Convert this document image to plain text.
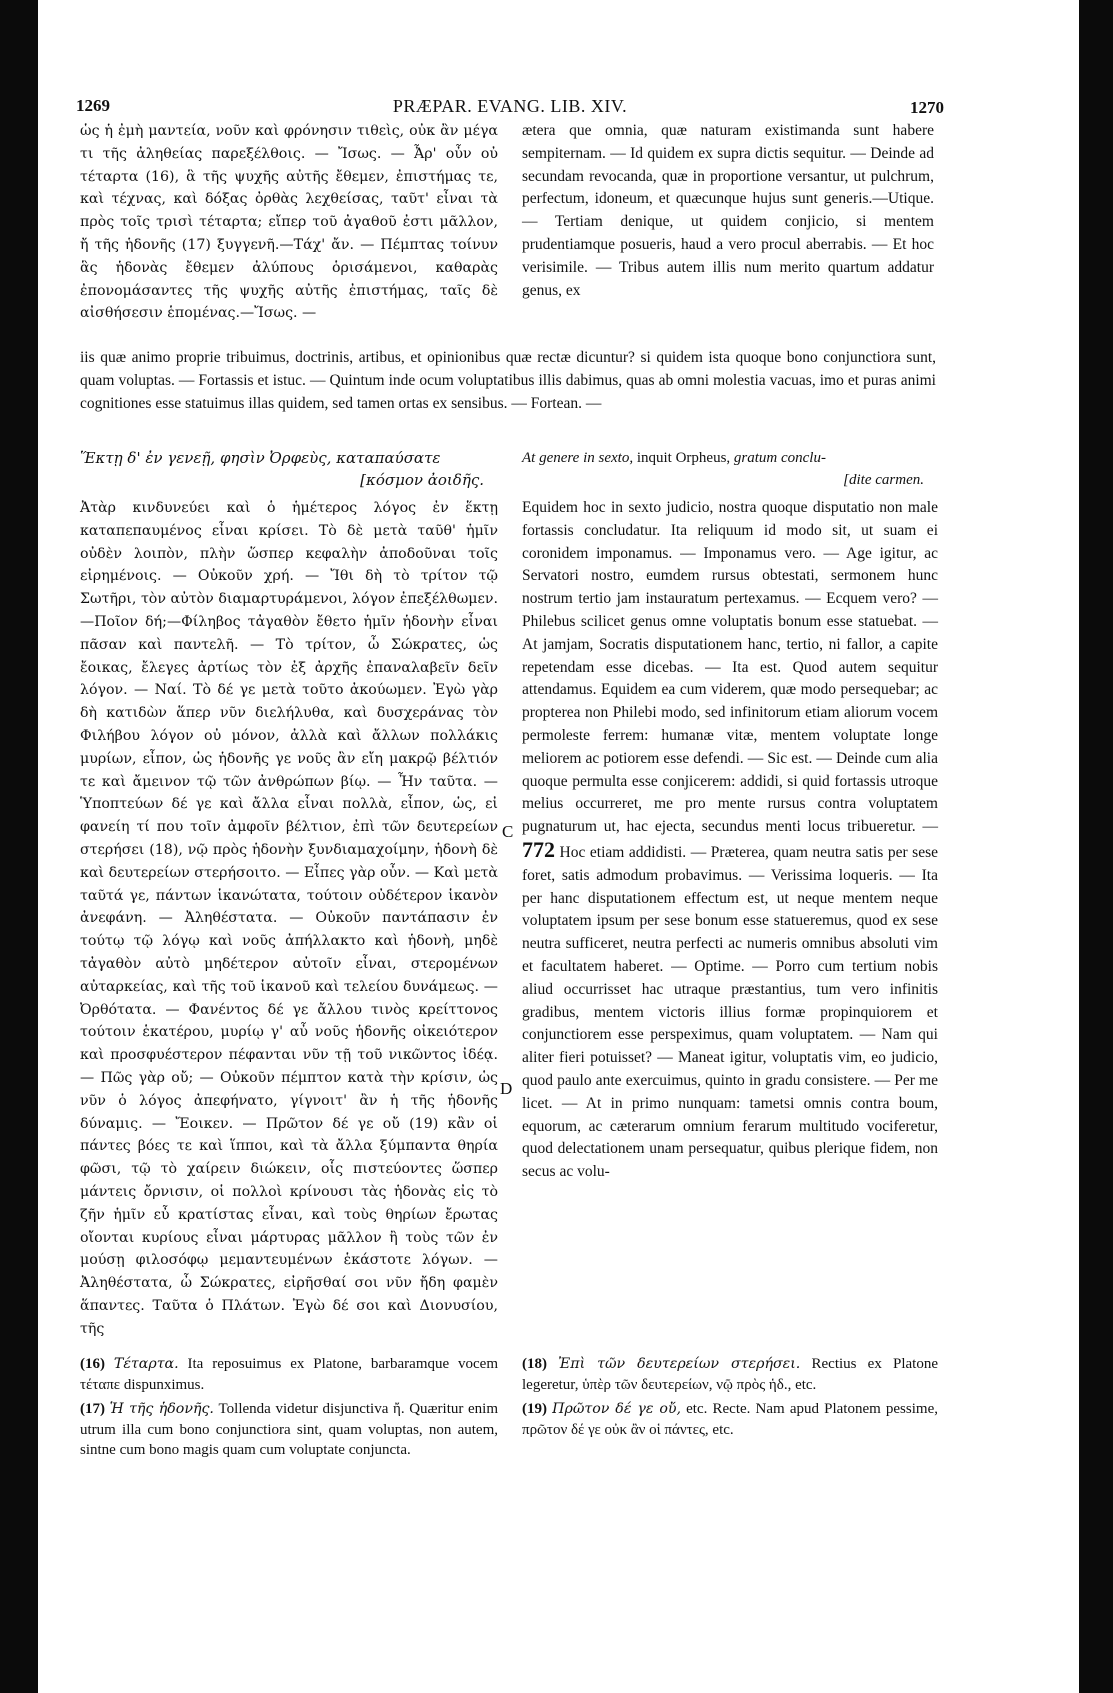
1269	PRÆPAR. EVANG. LIB. XIV.	1270
ὡς ἡ ἐμὴ μαντεία, νοῦν καὶ φρόνησιν τιθεὶς, οὐκ ἂν μέγα τι τῆς ἀληθείας παρεξέλθοις. — Ἴσως. — Ἆρ' οὖν οὐ τέταρτα (16), ἃ τῆς ψυχῆς αὐτῆς ἔθεμεν, ἐπιστήμας τε, καὶ τέχνας, καὶ δόξας ὀρθὰς λεχθείσας, ταῦτ' εἶναι τὰ πρὸς τοῖς τρισὶ τέταρτα; εἴπερ τοῦ ἀγαθοῦ ἐστι μᾶλλον, ἤ τῆς ἡδονῆς (17) ξυγγενῆ.—Τάχ' ἄν. — Πέμπτας τοίνυν ἃς ἡδονὰς ἔθεμεν ἀλύπους ὁρισάμενοι, καθαρὰς ἐπονομάσαντες τῆς ψυχῆς αὐτῆς ἐπιστήμας, ταῖς δὲ αἰσθήσεσιν ἑπομένας.—Ἴσως. —
ætera que omnia, quæ naturam existimanda sunt habere sempiternam. — Id quidem ex supra dictis sequitur. — Deinde ad secundam revocanda, quæ in proportione versantur, ut pulchrum, perfectum, idoneum, et quæcunque hujus sunt generis.—Utique. — Tertiam denique, ut quidem conjicio, si mentem prudentiamque posueris, haud a vero procul aberrabis. — Et hoc verisimile. — Tribus autem illis num merito quartum addatur genus, ex
iis quæ animo proprie tribuimus, doctrinis, artibus, et opinionibus quæ rectæ dicuntur? si quidem ista quoque bono conjunctiora sunt, quam voluptas. — Fortassis et istuc. — Quintum inde ocum voluptatibus illis dabimus, quas ab omni molestia vacuas, imo et puras animi cognitiones esse statuimus illas quidem, sed tamen ortas ex sensibus. — Fortean. —
Ἕκτῃ δ' ἐν γενεῇ, φησὶν Ὀρφεὺς, καταπαύσατε
[κόσμον ἀοιδῆς.
At genere in sexto, inquit Orpheus, gratum conclu-
[dite carmen.
Ἀτὰρ κινδυνεύει καὶ ὁ ἡμέτερος λόγος ἐν ἕκτῃ καταπεπαυμένος εἶναι κρίσει. Τὸ δὲ μετὰ ταῦθ' ἡμῖν οὐδὲν λοιπὸν, πλὴν ὥσπερ κεφαλὴν ἀποδοῦναι τοῖς εἰρημένοις. — Οὐκοῦν χρή. — Ἴθι δὴ τὸ τρίτον τῷ Σωτῆρι, τὸν αὐτὸν διαμαρτυράμενοι, λόγον ἐπεξέλθωμεν.—Ποῖον δή;—Φίληβος τἀγαθὸν ἔθετο ἡμῖν ἡδονὴν εἶναι πᾶσαν καὶ παντελῆ. — Τὸ τρίτον, ὦ Σώκρατες, ὡς ἔοικας, ἔλεγες ἀρτίως τὸν ἐξ ἀρχῆς ἐπαναλαβεῖν δεῖν λόγον. — Ναί. Τὸ δέ γε μετὰ τοῦτο ἀκούωμεν. Ἐγὼ γὰρ δὴ κατιδὼν ἅπερ νῦν διελήλυθα, καὶ δυσχεράνας τὸν Φιλήβου λόγον οὐ μόνον, ἀλλὰ καὶ ἄλλων πολλάκις μυρίων, εἶπον, ὡς ἡδονῆς γε νοῦς ἂν εἴη μακρῷ βέλτιόν τε καὶ ἄμεινον τῷ τῶν ἀνθρώπων βίῳ. — Ἦν ταῦτα. — Ὑποπτεύων δέ γε καὶ ἄλλα εἶναι πολλὰ, εἶπον, ὡς, εἰ φανείη τί που τοῖν ἀμφοῖν βέλτιον, ἐπὶ τῶν δευτερείων στερήσει (18), νῷ πρὸς ἡδονὴν ξυνδιαμαχοίμην, ἡδονὴ δὲ καὶ δευτερείων στερήσοιτο. — Εἶπες γὰρ οὖν. — Καὶ μετὰ ταῦτά γε, πάντων ἱκανώτατα, τούτοιν οὐδέτερον ἱκανὸν ἀνεφάνη. — Ἀληθέστατα. — Οὐκοῦν παντάπασιν ἐν τούτῳ τῷ λόγῳ καὶ νοῦς ἀπήλλακτο καὶ ἡδονὴ, μηδὲ τἀγαθὸν αὐτὸ μηδέτερον αὐτοῖν εἶναι, στερομένων αὐταρκείας, καὶ τῆς τοῦ ἱκανοῦ καὶ τελείου δυνάμεως. — Ὀρθότατα. — Φανέντος δέ γε ἄλλου τινὸς κρείττονος τούτοιν ἑκατέρου, μυρίῳ γ' αὖ νοῦς ἡδονῆς οἰκειότερον καὶ προσφυέστερον πέφανται νῦν τῇ τοῦ νικῶντος ἰδέᾳ. — Πῶς γὰρ οὔ; — Οὐκοῦν πέμπτον κατὰ τὴν κρίσιν, ὡς νῦν ὁ λόγος ἀπεφήνατο, γίγνοιτ' ἂν ἡ τῆς ἡδονῆς δύναμις. — Ἔοικεν. — Πρῶτον δέ γε οὔ (19) κἂν οἱ πάντες βόες τε καὶ ἵπποι, καὶ τὰ ἄλλα ξύμπαντα θηρία φῶσι, τῷ τὸ χαίρειν διώκειν, οἷς πιστεύοντες ὥσπερ μάντεις ὄρνισιν, οἱ πολλοὶ κρίνουσι τὰς ἡδονὰς εἰς τὸ ζῆν ἡμῖν εὖ κρατίστας εἶναι, καὶ τοὺς θηρίων ἔρωτας οἴονται κυρίους εἶναι μάρτυρας μᾶλλον ἢ τοὺς τῶν ἐν μούσῃ φιλοσόφῳ μεμαντευμένων ἑκάστοτε λόγων. — Ἀληθέστατα, ὦ Σώκρατες, εἰρῆσθαί σοι νῦν ἤδη φαμὲν ἅπαντες. Ταῦτα ὁ Πλάτων. Ἐγὼ δέ σοι καὶ Διονυσίου, τῆς
Equidem hoc in sexto judicio, nostra quoque disputatio non male fortassis concludatur. Ita reliquum id modo sit, ut suam ei coronidem imponamus. — Imponamus vero. — Age igitur, ac Servatori nostro, eumdem rursus obtestati, sermonem hunc nostrum tertio jam instauratum pertexamus. — Ecquem vero? — Philebus scilicet genus omne voluptatis bonum esse statuebat. — At jamjam, Socratis disputationem hanc, tertio, ni fallor, a capite repetendam esse dicebas. — Ita est. Quod autem sequitur attendamus. Equidem ea cum viderem, quæ modo persequebar; ac propterea non Philebi modo, sed infinitorum etiam aliorum vocem permoleste ferrem: humanæ vitæ, mentem voluptate longe meliorem ac potiorem esse defendi. — Sic est. — Deinde cum alia quoque permulta esse conjicerem: addidi, si quid fortassis utroque melius occurreret, me pro mente rursus contra voluptatem pugnaturum ut, hac ejecta, secundus menti locus tribueretur. — 772 Hoc etiam addidisti. — Præterea, quam neutra satis per sese foret, satis admodum probavimus. — Verissima loqueris. — Ita per hanc disputationem effectum est, ut neque mentem neque voluptatem ipsum per sese bonum esse statueremus, quod ex sese neutra sufficeret, neutra perfecti ac numeris omnibus absoluti vim et facultatem haberet. — Optime. — Porro cum tertium nobis aliud occurrisset hac utraque præstantius, tum vero infinitis gradibus, mentem victoris illius formæ propinquiorem et conjunctiorem esse perspeximus, quam voluptatem. — Nam qui aliter fieri potuisset? — Maneat igitur, voluptatis vim, eo judicio, quod paulo ante exercuimus, quinto in gradu consistere. — Per me licet. — At in primo nunquam: tametsi omnis contra boum, equorum, ac cæterarum omnium ferarum multitudo vociferetur, quod delectationem unam persequatur, quibus plerique fidem, non secus ac volu-
C
D
(16) Τέταρτα. Ita reposuimus ex Platone, barbaramque vocem τέταπε dispunximus.
(17) Ἡ τῆς ἡδονῆς. Tollenda videtur disjunctiva ἤ. Quæritur enim utrum illa cum bono conjunctiora sint, quam voluptas, non autem, sintne cum bono magis quam cum voluptate conjuncta.
(18) Ἐπὶ τῶν δευτερείων στερήσει. Rectius ex Platone legeretur, ὑπὲρ τῶν δευτερείων, νῷ πρὸς ἡδ., etc.
(19) Πρῶτον δέ γε οὔ, etc. Recte. Nam apud Platonem pessime, πρῶτον δέ γε οὐκ ἂν οἱ πάντες, etc.
